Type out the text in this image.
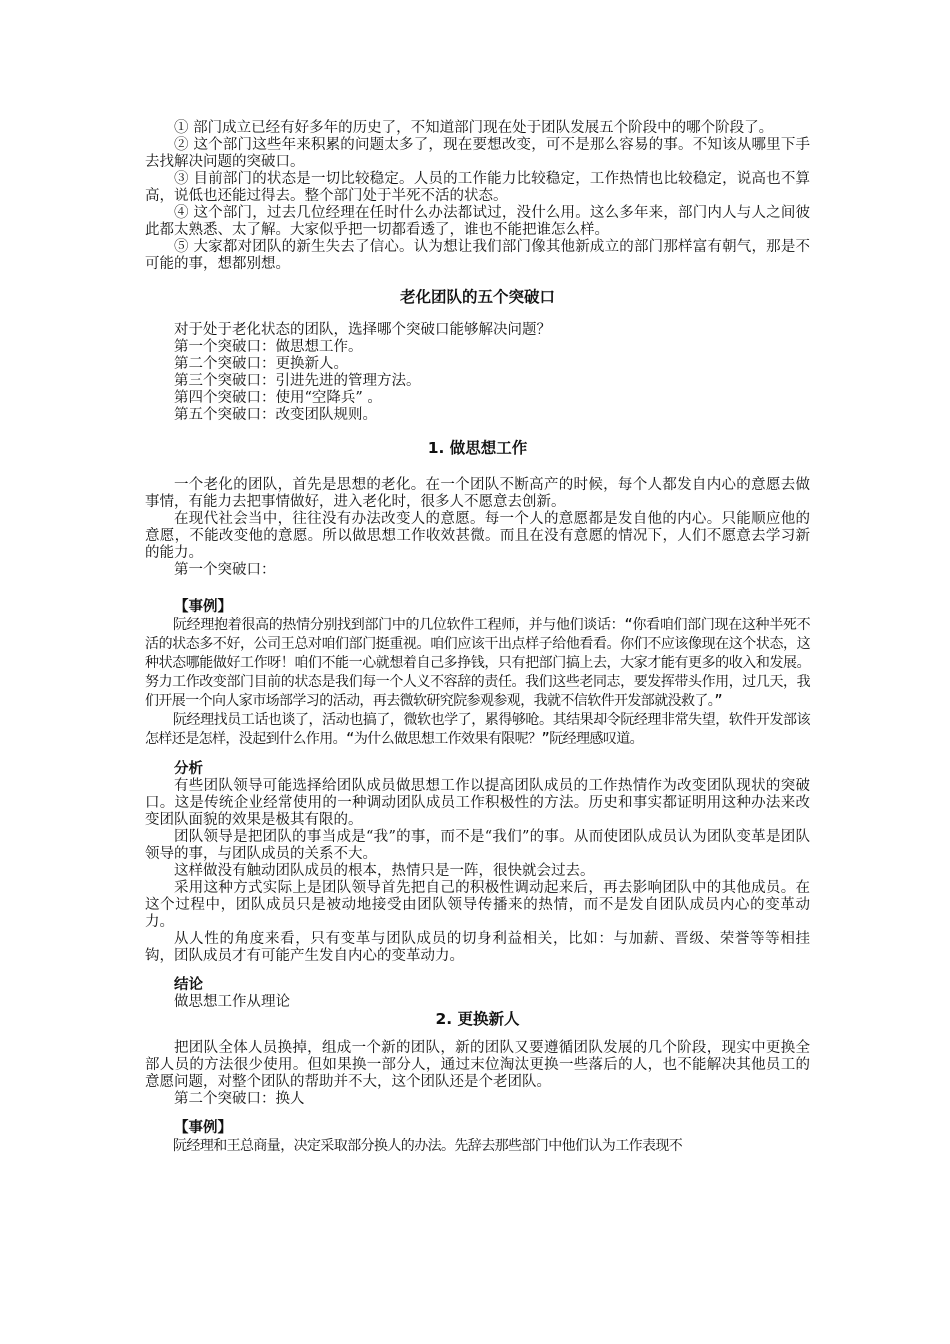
① 部门成立已经有好多年的历史了，不知道部门现在处于团队发展五个阶段中的哪个阶段了。

② 这个部门这些年来积累的问题太多了，现在要想改变，可不是那么容易的事。不知该从哪里下手去找解决问题的突破口。

③ 目前部门的状态是一切比较稳定。人员的工作能力比较稳定，工作热情也比较稳定，说高也不算高，说低也还能过得去。整个部门处于半死不活的状态。

④ 这个部门，过去几位经理在任时什么办法都试过，没什么用。这么多年来，部门内人与人之间彼此都太熟悉、太了解。大家似乎把一切都看透了，谁也不能把谁怎么样。

⑤ 大家都对团队的新生失去了信心。认为想让我们部门像其他新成立的部门那样富有朝气，那是不可能的事，想都别想。

老化团队的五个突破口

对于处于老化状态的团队，选择哪个突破口能够解决问题？

第一个突破口：做思想工作。

第二个突破口：更换新人。

第三个突破口：引进先进的管理方法。

第四个突破口：使用“空降兵” 。

第五个突破口：改变团队规则。

1. 做思想工作

一个老化的团队，首先是思想的老化。在一个团队不断高产的时候，每个人都发自内心的意愿去做事情，有能力去把事情做好，进入老化时，很多人不愿意去创新。

在现代社会当中，往往没有办法改变人的意愿。每一个人的意愿都是发自他的内心。只能顺应他的意愿，不能改变他的意愿。所以做思想工作收效甚微。而且在没有意愿的情况下，人们不愿意去学习新的能力。

第一个突破口：

【事例】

阮经理抱着很高的热情分别找到部门中的几位软件工程师，并与他们谈话：“你看咱们部门现在这种半死不活的状态多不好，公司王总对咱们部门挺重视。咱们应该干出点样子给他看看。你们不应该像现在这个状态，这种状态哪能做好工作呀！咱们不能一心就想着自己多挣钱，只有把部门搞上去，大家才能有更多的收入和发展。努力工作改变部门目前的状态是我们每一个人义不容辞的责任。我们这些老同志，要发挥带头作用，过几天，我们开展一个向人家市场部学习的活动，再去微软研究院参观参观，我就不信软件开发部就没救了。”

阮经理找员工话也谈了，活动也搞了，微软也学了，累得够呛。其结果却令阮经理非常失望，软件开发部该怎样还是怎样，没起到什么作用。“为什么做思想工作效果有限呢？”阮经理感叹道。

分析

有些团队领导可能选择给团队成员做思想工作以提高团队成员的工作热情作为改变团队现状的突破口。这是传统企业经常使用的一种调动团队成员工作积极性的方法。历史和事实都证明用这种办法来改变团队面貌的效果是极其有限的。

团队领导是把团队的事当成是“我”的事，而不是“我们”的事。从而使团队成员认为团队变革是团队领导的事，与团队成员的关系不大。

这样做没有触动团队成员的根本，热情只是一阵，很快就会过去。

采用这种方式实际上是团队领导首先把自己的积极性调动起来后，再去影响团队中的其他成员。在这个过程中，团队成员只是被动地接受由团队领导传播来的热情，而不是发自团队成员内心的变革动力。

从人性的角度来看，只有变革与团队成员的切身利益相关，比如：与加薪、晋级、荣誉等等相挂钩，团队成员才有可能产生发自内心的变革动力。

结论

做思想工作从理论

2. 更换新人

把团队全体人员换掉，组成一个新的团队，新的团队又要遵循团队发展的几个阶段，现实中更换全部人员的方法很少使用。但如果换一部分人，通过末位淘汰更换一些落后的人，也不能解决其他员工的意愿问题，对整个团队的帮助并不大，这个团队还是个老团队。

第二个突破口：换人

【事例】

阮经理和王总商量，决定采取部分换人的办法。先辞去那些部门中他们认为工作表现不
